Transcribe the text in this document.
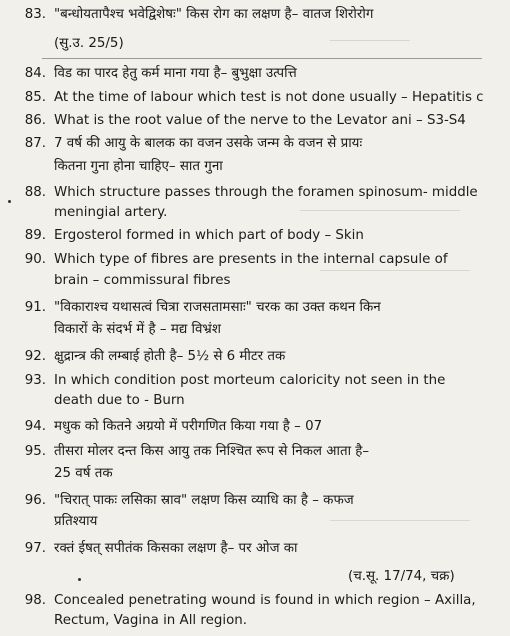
83. "बन्धोयतापैश्च भवेद्विशेषः" किस रोग का लक्षण है– वातज शिरोरोग
(सु.उ. 25/5)
84. विड का पारद हेतु कर्म माना गया है– बुभुक्षा उत्पत्ति
85. At the time of labour which test is not done usually – Hepatitis c
86. What is the root value of the nerve to the Levator ani – S3-S4
87. 7 वर्ष की आयु के बालक का वजन उसके जन्म के वजन से प्रायः
कितना गुना होना चाहिए– सात गुना
88. Which structure passes through the foramen spinosum- middle
meningial artery.
89. Ergosterol formed in which part of body – Skin
90. Which type of fibres are presents in the internal capsule of
brain – commissural fibres
91. "विकाराश्च यथासत्वं चित्रा राजसतामसाः" चरक का उक्त कथन किन
विकारों के संदर्भ में है – मद्य विभ्रंश
92. क्षुद्रान्त्र की लम्बाई होती है– 5½ से 6 मीटर तक
93. In which condition post morteum caloricity not seen in the
death due to - Burn
94. मधुक को कितने अग्रयो में परीगणित किया गया है – 07
95. तीसरा मोलर दन्त किस आयु तक निश्चित रूप से निकल आता है–
25 वर्ष तक
96. "चिरात् पाकः लसिका स्राव" लक्षण किस व्याधि का है – कफज
प्रतिश्याय
97. रक्तं ईषत् सपीतंक किसका लक्षण है– पर ओज का
(च.सू. 17/74, चक्र)
98. Concealed penetrating wound is found in which region – Axilla,
Rectum, Vagina in All region.
